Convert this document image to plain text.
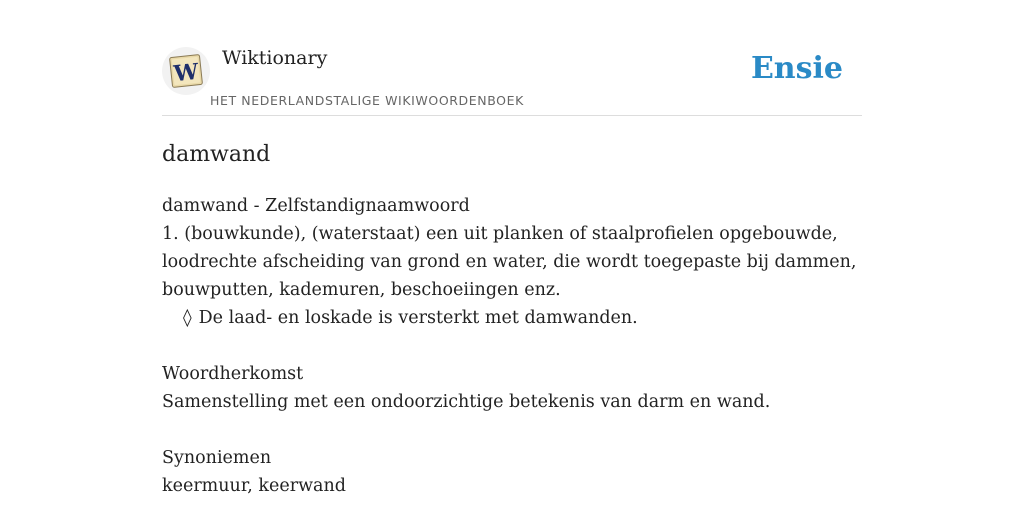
W
Wiktionary
HET NEDERLANDSTALIGE WIKIWOORDENBOEK
Ensie
damwand
damwand - Zelfstandignaamwoord
1. (bouwkunde), (waterstaat) een uit planken of staalprofielen opgebouwde,
loodrechte afscheiding van grond en water, die wordt toegepaste bij dammen,
bouwputten, kademuren, beschoeiingen enz.
◊ De laad- en loskade is versterkt met damwanden.
Woordherkomst
Samenstelling met een ondoorzichtige betekenis van darm en wand.
Synoniemen
keermuur, keerwand
